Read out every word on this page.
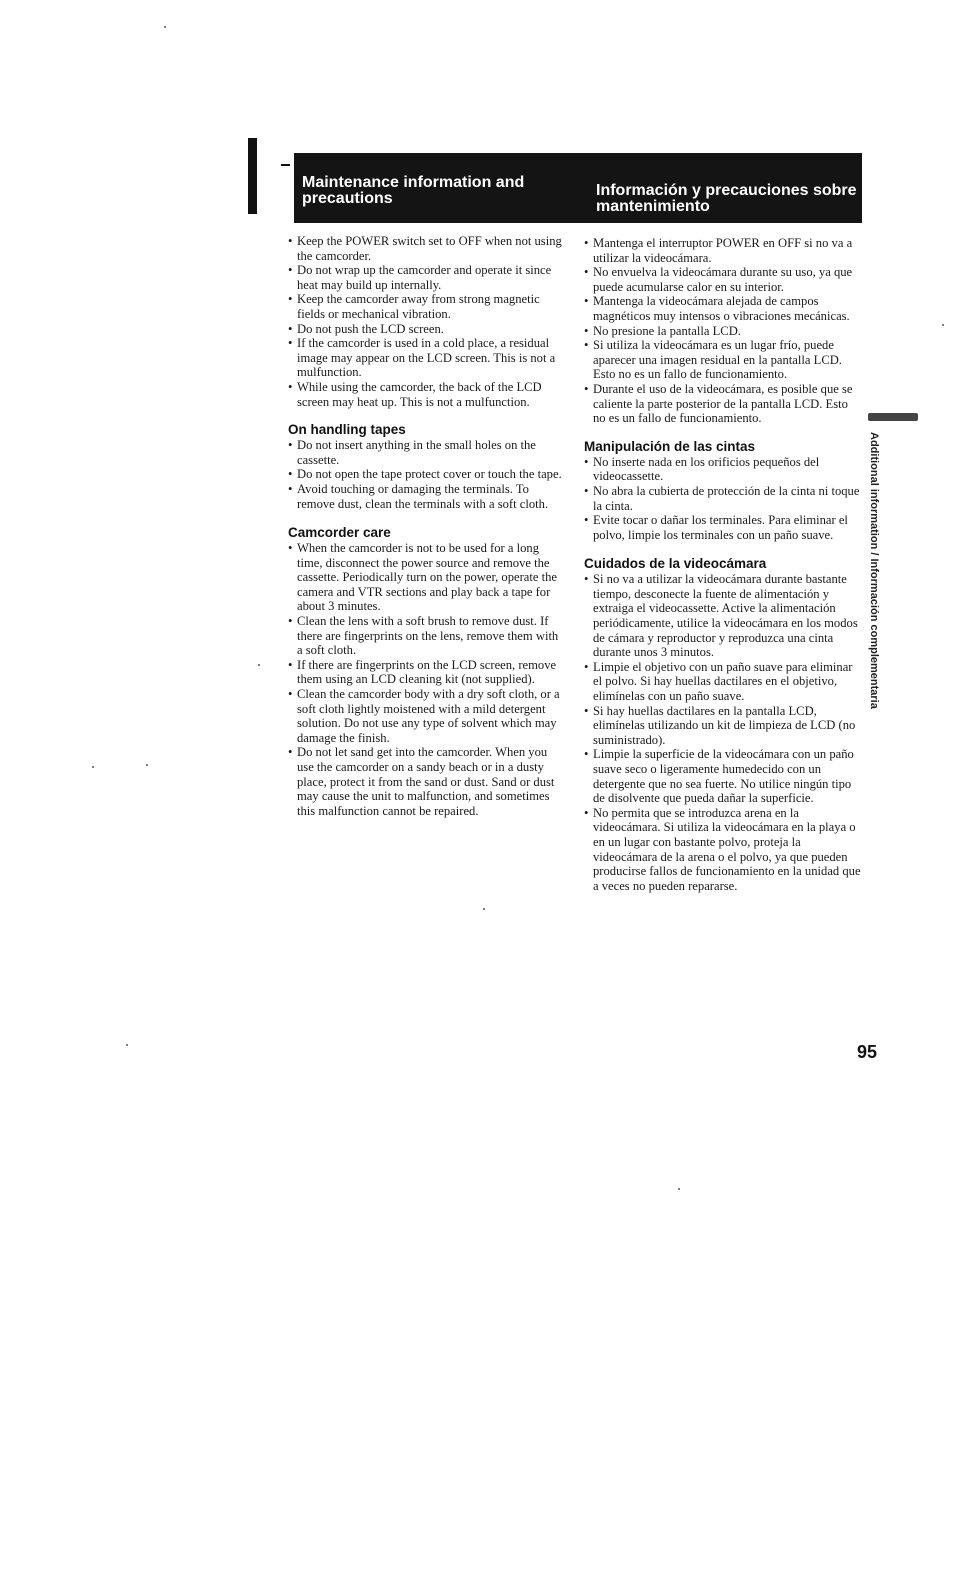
Maintenance information and precautions	Información y precauciones sobre mantenimiento
• Keep the POWER switch set to OFF when not using the camcorder.
• Do not wrap up the camcorder and operate it since heat may build up internally.
• Keep the camcorder away from strong magnetic fields or mechanical vibration.
• Do not push the LCD screen.
• If the camcorder is used in a cold place, a residual image may appear on the LCD screen. This is not a mulfunction.
• While using the camcorder, the back of the LCD screen may heat up. This is not a mulfunction.
On handling tapes
• Do not insert anything in the small holes on the cassette.
• Do not open the tape protect cover or touch the tape.
• Avoid touching or damaging the terminals. To remove dust, clean the terminals with a soft cloth.
Camcorder care
• When the camcorder is not to be used for a long time, disconnect the power source and remove the cassette. Periodically turn on the power, operate the camera and VTR sections and play back a tape for about 3 minutes.
• Clean the lens with a soft brush to remove dust. If there are fingerprints on the lens, remove them with a soft cloth.
• If there are fingerprints on the LCD screen, remove them using an LCD cleaning kit (not supplied).
• Clean the camcorder body with a dry soft cloth, or a soft cloth lightly moistened with a mild detergent solution. Do not use any type of solvent which may damage the finish.
• Do not let sand get into the camcorder. When you use the camcorder on a sandy beach or in a dusty place, protect it from the sand or dust. Sand or dust may cause the unit to malfunction, and sometimes this malfunction cannot be repaired.
• Mantenga el interruptor POWER en OFF si no va a utilizar la videocámara.
• No envuelva la videocámara durante su uso, ya que puede acumularse calor en su interior.
• Mantenga la videocámara alejada de campos magnéticos muy intensos o vibraciones mecánicas.
• No presione la pantalla LCD.
• Si utiliza la videocámara es un lugar frío, puede aparecer una imagen residual en la pantalla LCD. Esto no es un fallo de funcionamiento.
• Durante el uso de la videocámara, es posible que se caliente la parte posterior de la pantalla LCD. Esto no es un fallo de funcionamiento.
Manipulación de las cintas
• No inserte nada en los orificios pequeños del videocassette.
• No abra la cubierta de protección de la cinta ni toque la cinta.
• Evite tocar o dañar los terminales. Para eliminar el polvo, limpie los terminales con un paño suave.
Cuidados de la videocámara
• Si no va a utilizar la videocámara durante bastante tiempo, desconecte la fuente de alimentación y extraiga el videocassette. Active la alimentación periódicamente, utilice la videocámara en los modos de cámara y reproductor y reproduzca una cinta durante unos 3 minutos.
• Limpie el objetivo con un paño suave para eliminar el polvo. Si hay huellas dactilares en el objetivo, elimínelas con un paño suave.
• Si hay huellas dactilares en la pantalla LCD, elimínelas utilizando un kit de limpieza de LCD (no suministrado).
• Limpie la superficie de la videocámara con un paño suave seco o ligeramente humedecido con un detergente que no sea fuerte. No utilice ningún tipo de disolvente que pueda dañar la superficie.
• No permita que se introduzca arena en la videocámara. Si utiliza la videocámara en la playa o en un lugar con bastante polvo, proteja la videocámara de la arena o el polvo, ya que pueden producirse fallos de funcionamiento en la unidad que a veces no pueden repararse.
Additional information / Información complementaria
95
